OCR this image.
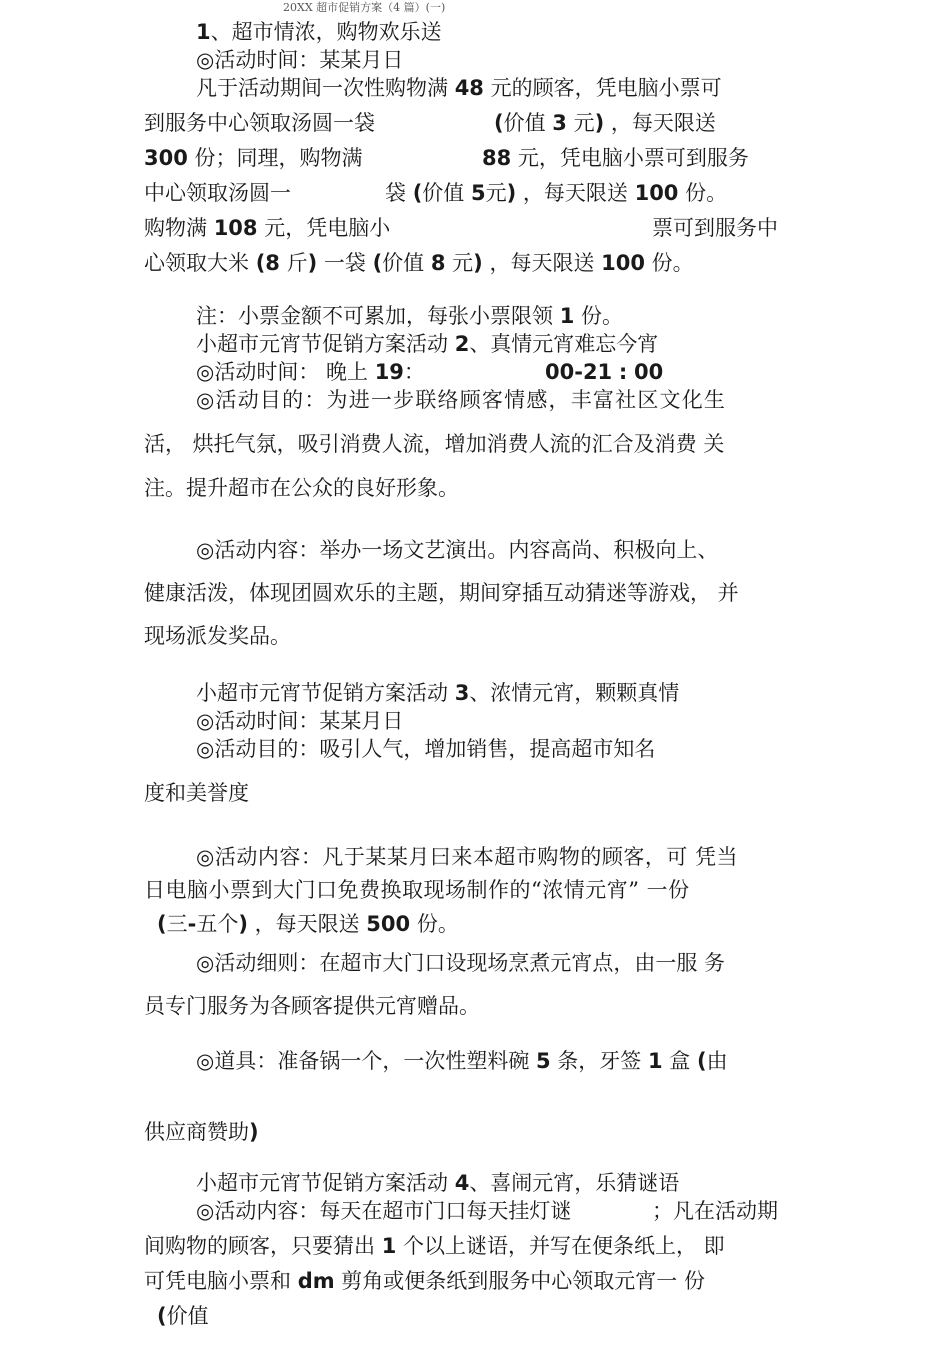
20XX 超市促销方案（4 篇）(一)
1、超市情浓，购物欢乐送
◎活动时间：某某月日
凡于活动期间一次性购物满 48 元的顾客，凭电脑小票可
到服务中心领取汤圆一袋	(价值 3 元) ，每天限送
300 份；同理，购物满	88 元，凭电脑小票可到服务
中心领取汤圆一	袋 (价值 5元) ，每天限送 100 份。
购物满 108 元，凭电脑小	票可到服务中
心领取大米 (8 斤) 一袋 (价值 8 元) ，每天限送 100 份。
注：小票金额不可累加，每张小票限领 1 份。
小超市元宵节促销方案活动 2、真情元宵难忘今宵
◎活动时间： 晚上 19：	00-21 : 00
◎活动目的：为进一步联络顾客情感，丰富社区文化生
活， 烘托气氛，吸引消费人流，增加消费人流的汇合及消费 关
注。提升超市在公众的良好形象。
◎活动内容：举办一场文艺演出。内容高尚、积极向上、
健康活泼，体现团圆欢乐的主题，期间穿插互动猜迷等游戏， 并
现场派发奖品。
小超市元宵节促销方案活动 3、浓情元宵，颗颗真情
◎活动时间：某某月日
◎活动目的：吸引人气，增加销售，提高超市知名
度和美誉度
◎活动内容：凡于某某月曰来本超市购物的顾客，可 凭当
日电脑小票到大门口免费换取现场制作的“浓情元宵” 一份
(三-五个) ，每天限送 500 份。
◎活动细则：在超市大门口设现场烹煮元宵点，由一服 务
员专门服务为各顾客提供元宵赠品。
◎道具：准备锅一个，一次性塑料碗 5 条，牙签 1 盒 (由
供应商赞助)
小超市元宵节促销方案活动 4、喜闹元宵，乐猜谜语
◎活动内容：每天在超市门口每天挂灯谜	；凡在活动期
间购物的顾客，只要猜出 1 个以上谜语，并写在便条纸上， 即
可凭电脑小票和 dm 剪角或便条纸到服务中心领取元宵一 份
(价值
